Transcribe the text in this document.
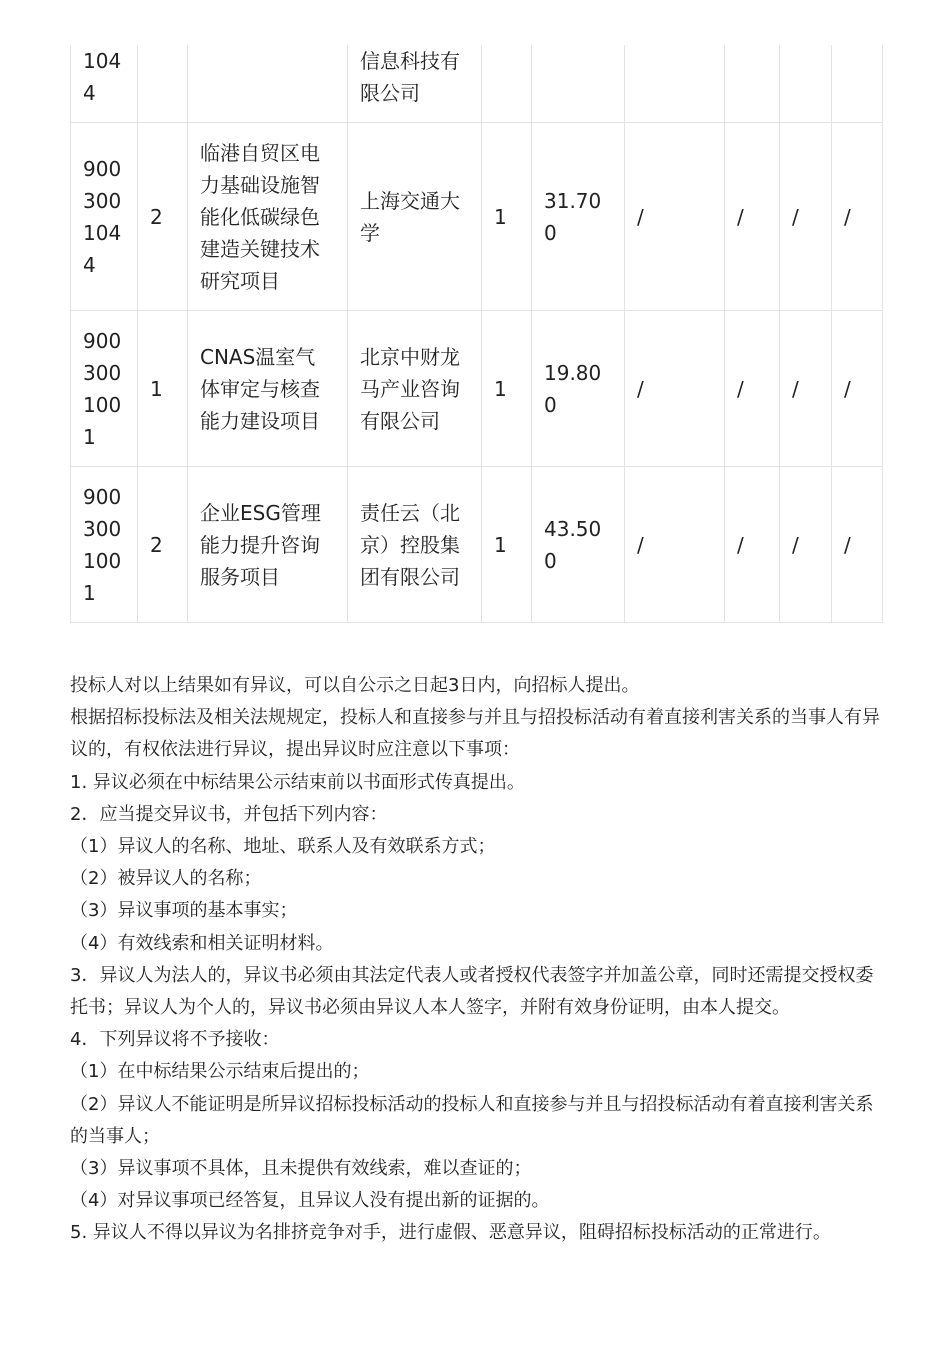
1044			信息科技有限公司						
9003001044	2	临港自贸区电力基础设施智能化低碳绿色建造关键技术研究项目	上海交通大学	1	31.700	/	/	/	/
9003001001	1	CNAS温室气体审定与核查能力建设项目	北京中财龙马产业咨询有限公司	1	19.800	/	/	/	/
9003001001	2	企业ESG管理能力提升咨询服务项目	责任云（北京）控股集团有限公司	1	43.500	/	/	/	/

投标人对以上结果如有异议，可以自公示之日起3日内，向招标人提出。

根据招标投标法及相关法规规定，投标人和直接参与并且与招投标活动有着直接利害关系的当事人有异议的，有权依法进行异议，提出异议时应注意以下事项：

1. 异议必须在中标结果公示结束前以书面形式传真提出。

2．应当提交异议书，并包括下列内容：

（1）异议人的名称、地址、联系人及有效联系方式；

（2）被异议人的名称；

（3）异议事项的基本事实；

（4）有效线索和相关证明材料。

3．异议人为法人的，异议书必须由其法定代表人或者授权代表签字并加盖公章，同时还需提交授权委托书；异议人为个人的，异议书必须由异议人本人签字，并附有效身份证明，由本人提交。

4．下列异议将不予接收：

（1）在中标结果公示结束后提出的；

（2）异议人不能证明是所异议招标投标活动的投标人和直接参与并且与招投标活动有着直接利害关系的当事人；

（3）异议事项不具体，且未提供有效线索，难以查证的；

（4）对异议事项已经答复，且异议人没有提出新的证据的。

5. 异议人不得以异议为名排挤竞争对手，进行虚假、恶意异议，阻碍招标投标活动的正常进行。
